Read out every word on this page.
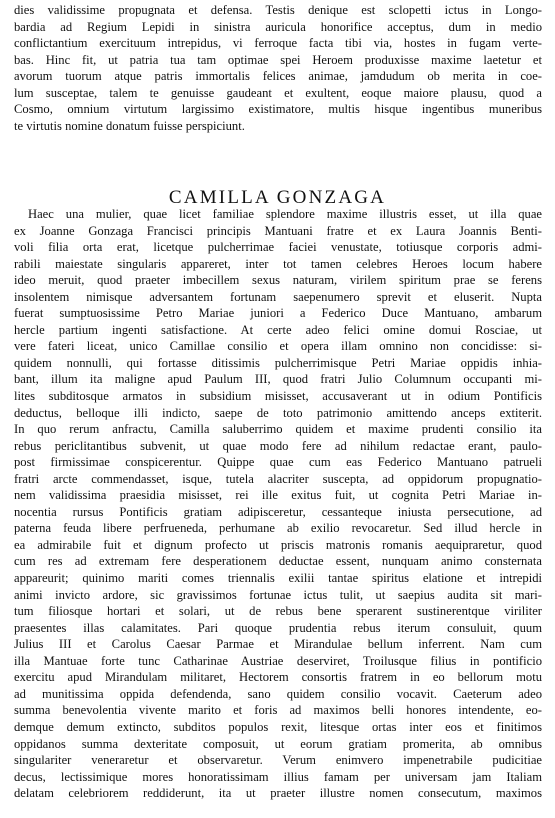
dies validissime propugnata et defensa. Testis denique est sclopetti ictus in Longo-
bardia ad Regium Lepidi in sinistra auricula honorifice acceptus, dum in medio
conflictantium exercituum intrepidus, vi ferroque facta tibi via, hostes in fugam verte-
bas. Hinc fit, ut patria tua tam optimae spei Heroem produxisse maxime laetetur et
avorum tuorum atque patris immortalis felices animae, jamdudum ob merita in coe-
lum susceptae, talem te genuisse gaudeant et exultent, eoque maiore plausu, quod a
Cosmo, omnium virtutum largissimo existimatore, multis hisque ingentibus muneribus
te virtutis nomine donatum fuisse perspiciunt.
CAMILLA GONZAGA
Haec una mulier, quae licet familiae splendore maxime illustris esset, ut illa quae
ex Joanne Gonzaga Francisci principis Mantuani fratre et ex Laura Joannis Benti-
voli filia orta erat, licetque pulcherrimae faciei venustate, totiusque corporis admi-
rabili maiestate singularis appareret, inter tot tamen celebres Heroes locum habere
ideo meruit, quod praeter imbecillem sexus naturam, virilem spiritum prae se ferens
insolentem nimisque adversantem fortunam saepenumero sprevit et eluserit. Nupta
fuerat sumptuosissime Petro Mariae juniori a Federico Duce Mantuano, ambarum
hercle partium ingenti satisfactione. At certe adeo felici omine domui Rosciae, ut
vere fateri liceat, unico Camillae consilio et opera illam omnino non concidisse: si-
quidem nonnulli, qui fortasse ditissimis pulcherrimisque Petri Mariae oppidis inhia-
bant, illum ita maligne apud Paulum III, quod fratri Julio Columnum occupanti mi-
lites subditosque armatos in subsidium misisset, accusaverant ut in odium Pontificis
deductus, belloque illi indicto, saepe de toto patrimonio amittendo anceps extiterit.
In quo rerum anfractu, Camilla saluberrimo quidem et maxime prudenti consilio ita
rebus periclitantibus subvenit, ut quae modo fere ad nihilum redactae erant, paulo-
post firmissimae conspicerentur. Quippe quae cum eas Federico Mantuano patrueli
fratri arcte commendasset, isque, tutela alacriter suscepta, ad oppidorum propugnatio-
nem validissima praesidia misisset, rei ille exitus fuit, ut cognita Petri Mariae in-
nocentia rursus Pontificis gratiam adipisceretur, cessanteque iniusta persecutione, ad
paterna feuda libere perfrueneda, perhumane ab exilio revocaretur. Sed illud hercle in
ea admirabile fuit et dignum profecto ut priscis matronis romanis aequipraretur, quod
cum res ad extremam fere desperationem deductae essent, nunquam animo consternata
appareurit; quinimo mariti comes triennalis exilii tantae spiritus elatione et intrepidi
animi invicto ardore, sic gravissimos fortunae ictus tulit, ut saepius audita sit mari-
tum filiosque hortari et solari, ut de rebus bene sperarent sustinerentque viriliter
praesentes illas calamitates. Pari quoque prudentia rebus iterum consuluit, quum
Julius III et Carolus Caesar Parmae et Mirandulae bellum inferrent. Nam cum
illa Mantuae forte tunc Catharinae Austriae deserviret, Troilusque filius in pontificio
exercitu apud Mirandulam militaret, Hectorem consortis fratrem in eo bellorum motu
ad munitissima oppida defendenda, sano quidem consilio vocavit. Caeterum adeo
summa benevolentia vivente marito et foris ad maximos belli honores intendente, eo-
demque demum extincto, subditos populos rexit, litesque ortas inter eos et finitimos
oppidanos summa dexteritate composuit, ut eorum gratiam promerita, ab omnibus
singulariter veneraretur et observaretur. Verum enimvero impenetrabile pudicitiae
decus, lectissimique mores honoratissimam illius famam per universam jam Italiam
delatam celebriorem reddiderunt, ita ut praeter illustre nomen consecutum, maximos
